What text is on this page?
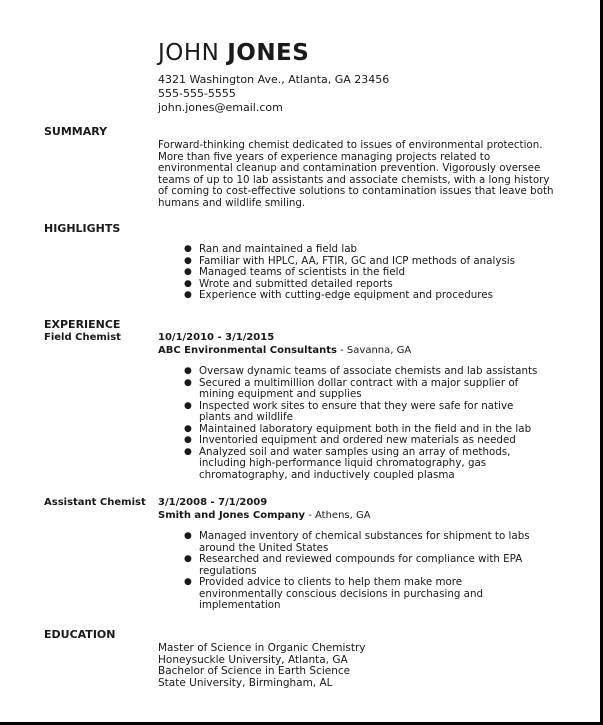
JOHN JONES
4321 Washington Ave., Atlanta, GA 23456
555-555-5555
john.jones@email.com
SUMMARY
Forward-thinking chemist dedicated to issues of environmental protection. More than five years of experience managing projects related to environmental cleanup and contamination prevention. Vigorously oversee teams of up to 10 lab assistants and associate chemists, with a long history of coming to cost-effective solutions to contamination issues that leave both humans and wildlife smiling.
HIGHLIGHTS
● Ran and maintained a field lab
● Familiar with HPLC, AA, FTIR, GC and ICP methods of analysis
● Managed teams of scientists in the field
● Wrote and submitted detailed reports
● Experience with cutting-edge equipment and procedures
EXPERIENCE
Field Chemist	10/1/2010 - 3/1/2015
ABC Environmental Consultants - Savanna, GA
● Oversaw dynamic teams of associate chemists and lab assistants
● Secured a multimillion dollar contract with a major supplier of mining equipment and supplies
● Inspected work sites to ensure that they were safe for native plants and wildlife
● Maintained laboratory equipment both in the field and in the lab
● Inventoried equipment and ordered new materials as needed
● Analyzed soil and water samples using an array of methods, including high-performance liquid chromatography, gas chromatography, and inductively coupled plasma
Assistant Chemist 3/1/2008 - 7/1/2009
Smith and Jones Company - Athens, GA
● Managed inventory of chemical substances for shipment to labs around the United States
● Researched and reviewed compounds for compliance with EPA regulations
● Provided advice to clients to help them make more environmentally conscious decisions in purchasing and implementation
EDUCATION
Master of Science in Organic Chemistry
Honeysuckle University, Atlanta, GA
Bachelor of Science in Earth Science
State University, Birmingham, AL
